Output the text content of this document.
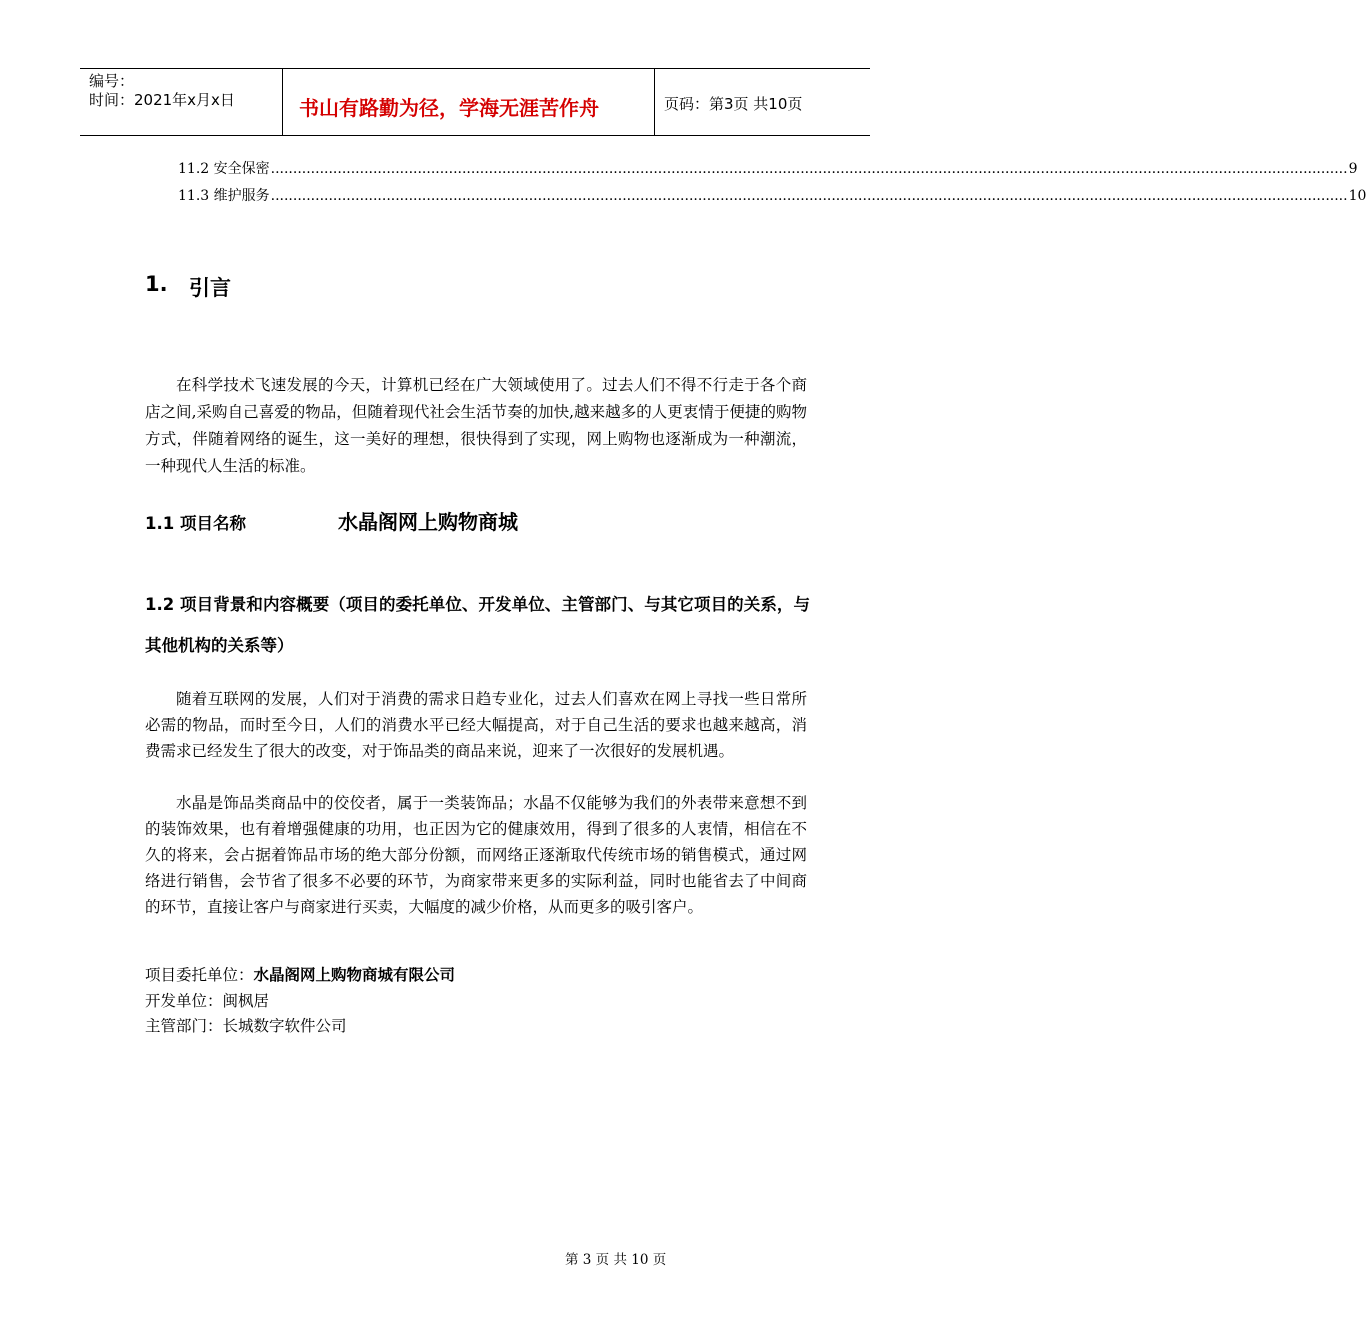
编号：
时间：2021年x月x日	书山有路勤为径，学海无涯苦作舟	页码：第3页 共10页
11.2 安全保密 .................................................................................................................................................................................................................................................. 9
11.3 维护服务 .................................................................................................................................................................................................................................................. 10
1. 引言
在科学技术飞速发展的今天，计算机已经在广大领域使用了。过去人们不得不行走于各个商店之间,采购自己喜爱的物品，但随着现代社会生活节奏的加快,越来越多的人更衷情于便捷的购物方式，伴随着网络的诞生，这一美好的理想，很快得到了实现，网上购物也逐渐成为一种潮流，一种现代人生活的标准。
1.1 项目名称	水晶阁网上购物商城
1.2 项目背景和内容概要（项目的委托单位、开发单位、主管部门、与其它项目的关系，与其他机构的关系等）
随着互联网的发展，人们对于消费的需求日趋专业化，过去人们喜欢在网上寻找一些日常所必需的物品，而时至今日，人们的消费水平已经大幅提高，对于自己生活的要求也越来越高，消费需求已经发生了很大的改变，对于饰品类的商品来说，迎来了一次很好的发展机遇。
水晶是饰品类商品中的佼佼者，属于一类装饰品；水晶不仅能够为我们的外表带来意想不到的装饰效果，也有着增强健康的功用，也正因为它的健康效用，得到了很多的人衷情，相信在不久的将来，会占据着饰品市场的绝大部分份额，而网络正逐渐取代传统市场的销售模式，通过网络进行销售，会节省了很多不必要的环节，为商家带来更多的实际利益，同时也能省去了中间商的环节，直接让客户与商家进行买卖，大幅度的减少价格，从而更多的吸引客户。
项目委托单位：水晶阁网上购物商城有限公司
开发单位：闽枫居
主管部门：长城数字软件公司
第 3 页 共 10 页
